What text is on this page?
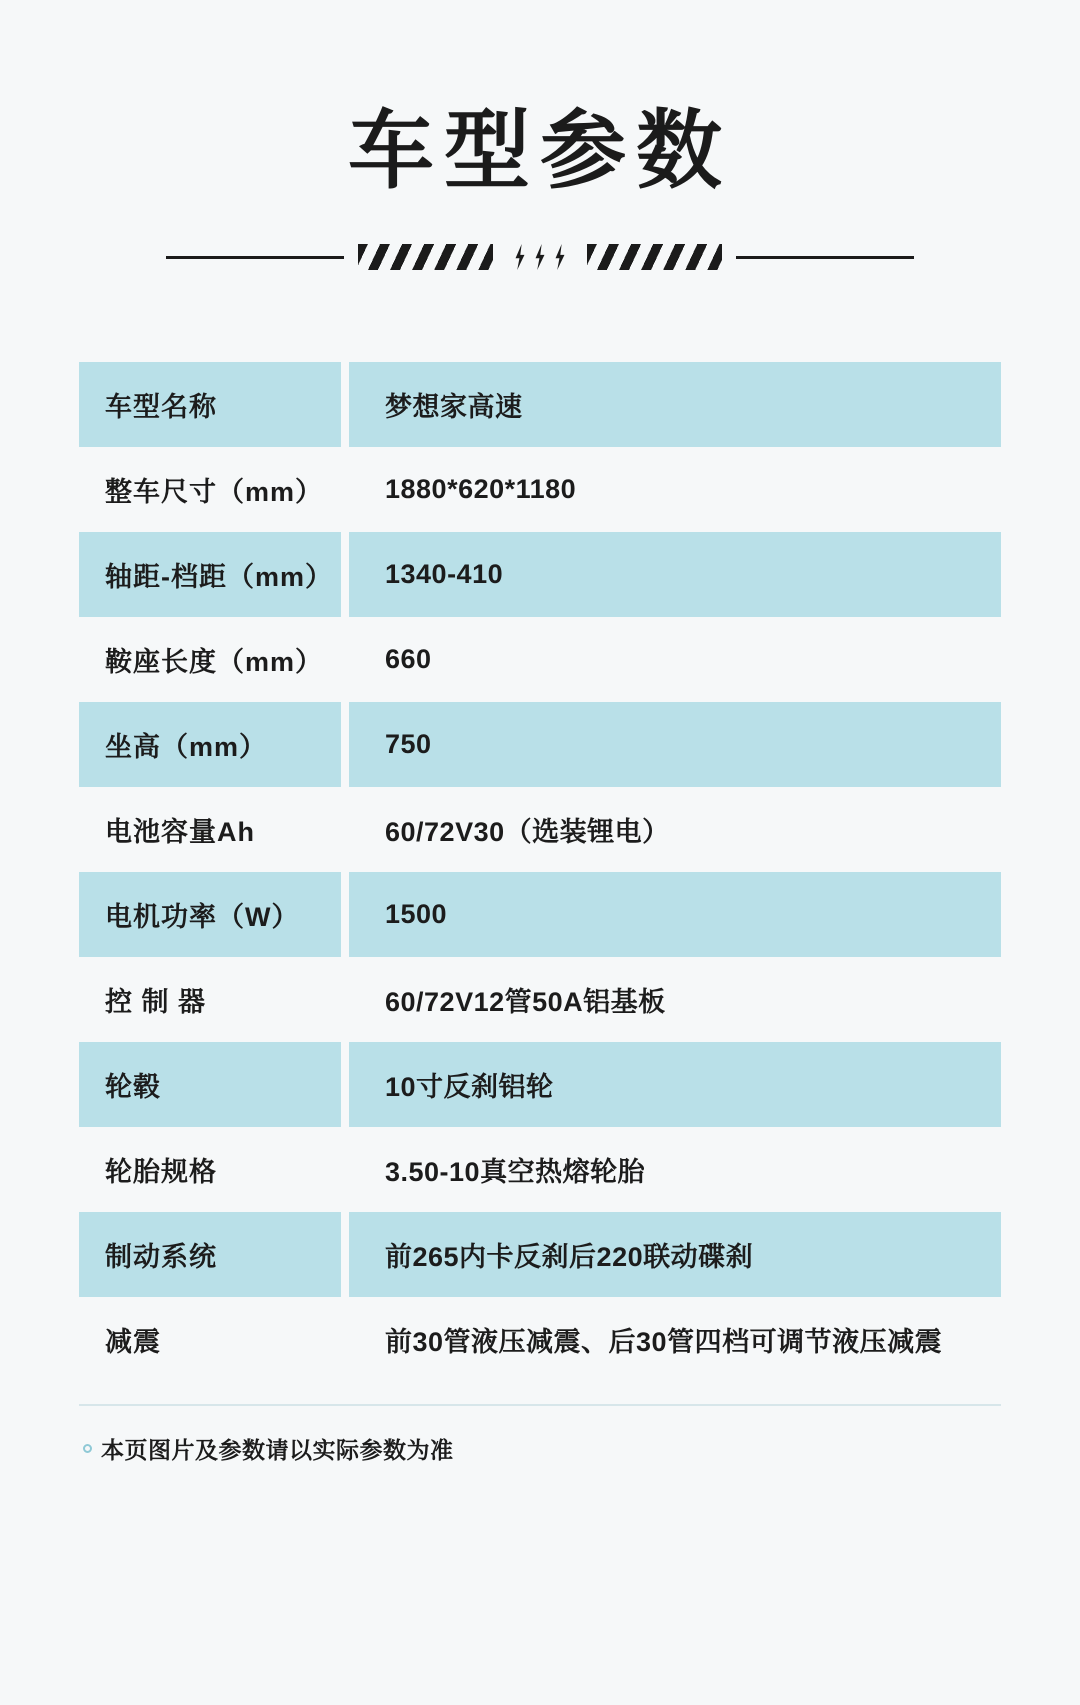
车型参数
车型名称	梦想家高速
整车尺寸（mm）	1880*620*1180
轴距-档距（mm）	1340-410
鞍座长度（mm）	660
坐高（mm）	750
电池容量Ah	60/72V30（选装锂电）
电机功率（W）	1500
控 制 器	60/72V12管50A铝基板
轮毂	10寸反刹铝轮
轮胎规格	3.50-10真空热熔轮胎
制动系统	前265内卡反刹后220联动碟刹
减震	前30管液压减震、后30管四档可调节液压减震
本页图片及参数请以实际参数为准
